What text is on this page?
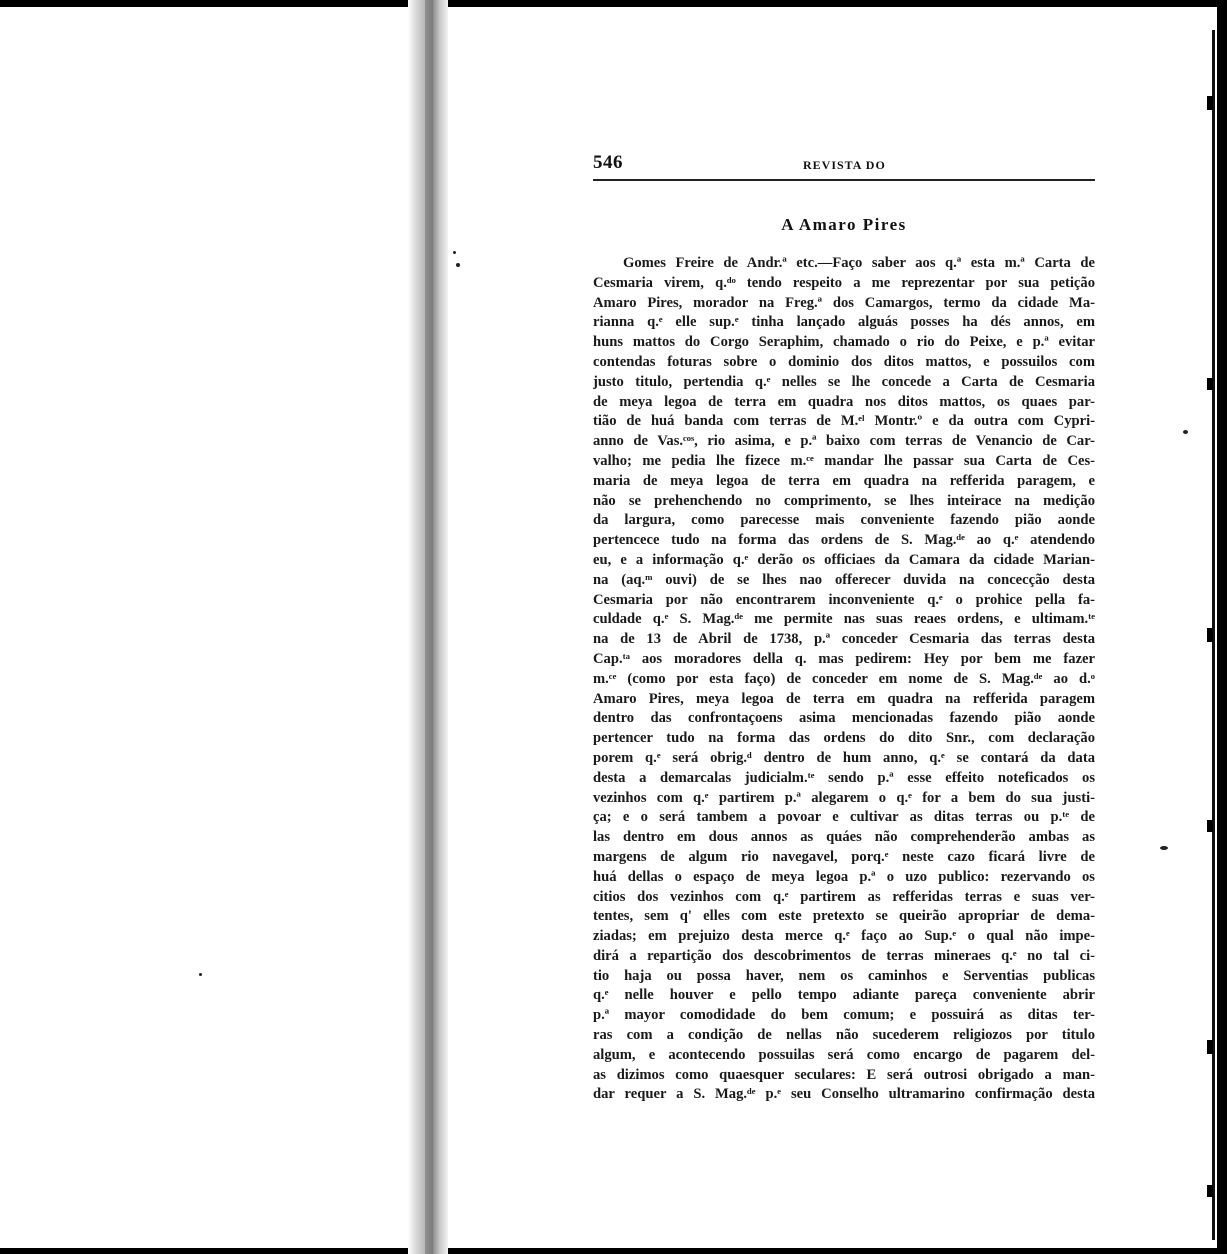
546	REVISTA DO
A Amaro Pires
Gomes Freire de Andr.ª etc.—Faço saber aos q.ª esta m.ª Carta de
Cesmaria virem, q.ᵈᵒ tendo respeito a me reprezentar por sua petição
Amaro Pires, morador na Freg.ª dos Camargos, termo da cidade Ma-
rianna q.ᵉ elle sup.ᵉ tinha lançado alguás posses ha dés annos, em
huns mattos do Corgo Seraphim, chamado o rio do Peixe, e p.ª evitar
contendas foturas sobre o dominio dos ditos mattos, e possuilos com
justo titulo, pertendia q.ᵉ nelles se lhe concede a Carta de Cesmaria
de meya legoa de terra em quadra nos ditos mattos, os quaes par-
tião de huá banda com terras de M.ᵉˡ Montr.º e da outra com Cypri-
anno de Vas.ᶜᵒˢ, rio asima, e p.ª baixo com terras de Venancio de Car-
valho; me pedia lhe fizece m.ᶜᵉ mandar lhe passar sua Carta de Ces-
maria de meya legoa de terra em quadra na refferida paragem, e
não se prehenchendo no comprimento, se lhes inteirace na medição
da largura, como parecesse mais conveniente fazendo pião aonde
pertencece tudo na forma das ordens de S. Mag.ᵈᵉ ao q.ᵉ atendendo
eu, e a informação q.ᵉ derão os officiaes da Camara da cidade Marian-
na (aq.ᵐ ouvi) de se lhes nao offerecer duvida na concecção desta
Cesmaria por não encontrarem inconveniente q.ᵉ o prohice pella fa-
culdade q.ᵉ S. Mag.ᵈᵉ me permite nas suas reaes ordens, e ultimam.ᵗᵉ
na de 13 de Abril de 1738, p.ª conceder Cesmaria das terras desta
Cap.ᵗᵃ aos moradores della q. mas pedirem: Hey por bem me fazer
m.ᶜᵉ (como por esta faço) de conceder em nome de S. Mag.ᵈᵉ ao d.ᵒ
Amaro Pires, meya legoa de terra em quadra na refferida paragem
dentro das confrontaçoens asima mencionadas fazendo pião aonde
pertencer tudo na forma das ordens do dito Snr., com declaração
porem q.ᵉ será obrig.ᵈ dentro de hum anno, q.ᵉ se contará da data
desta a demarcalas judicialm.ᵗᵉ sendo p.ª esse effeito noteficados os
vezinhos com q.ᵉ partirem p.ª alegarem o q.ᵉ for a bem do sua justi-
ça; e o será tambem a povoar e cultivar as ditas terras ou p.ᵗᵉ de
las dentro em dous annos as quáes não comprehenderão ambas as
margens de algum rio navegavel, porq.ᵉ neste cazo ficará livre de
huá dellas o espaço de meya legoa p.ª o uzo publico: rezervando os
citios dos vezinhos com q.ᵉ partirem as refferidas terras e suas ver-
tentes, sem q' elles com este pretexto se queirão apropriar de dema-
ziadas; em prejuizo desta merce q.ᵉ faço ao Sup.ᵉ o qual não impe-
dirá a repartição dos descobrimentos de terras mineraes q.ᵉ no tal ci-
tio haja ou possa haver, nem os caminhos e Serventias publicas
q.ᵉ nelle houver e pello tempo adiante pareça conveniente abrir
p.ª mayor comodidade do bem comum; e possuirá as ditas ter-
ras com a condição de nellas não sucederem religiozos por titulo
algum, e acontecendo possuilas será como encargo de pagarem del-
as dizimos como quaesquer seculares: E será outrosi obrigado a man-
dar requer a S. Mag.ᵈᵉ p.ᵉ seu Conselho ultramarino confirmação desta
